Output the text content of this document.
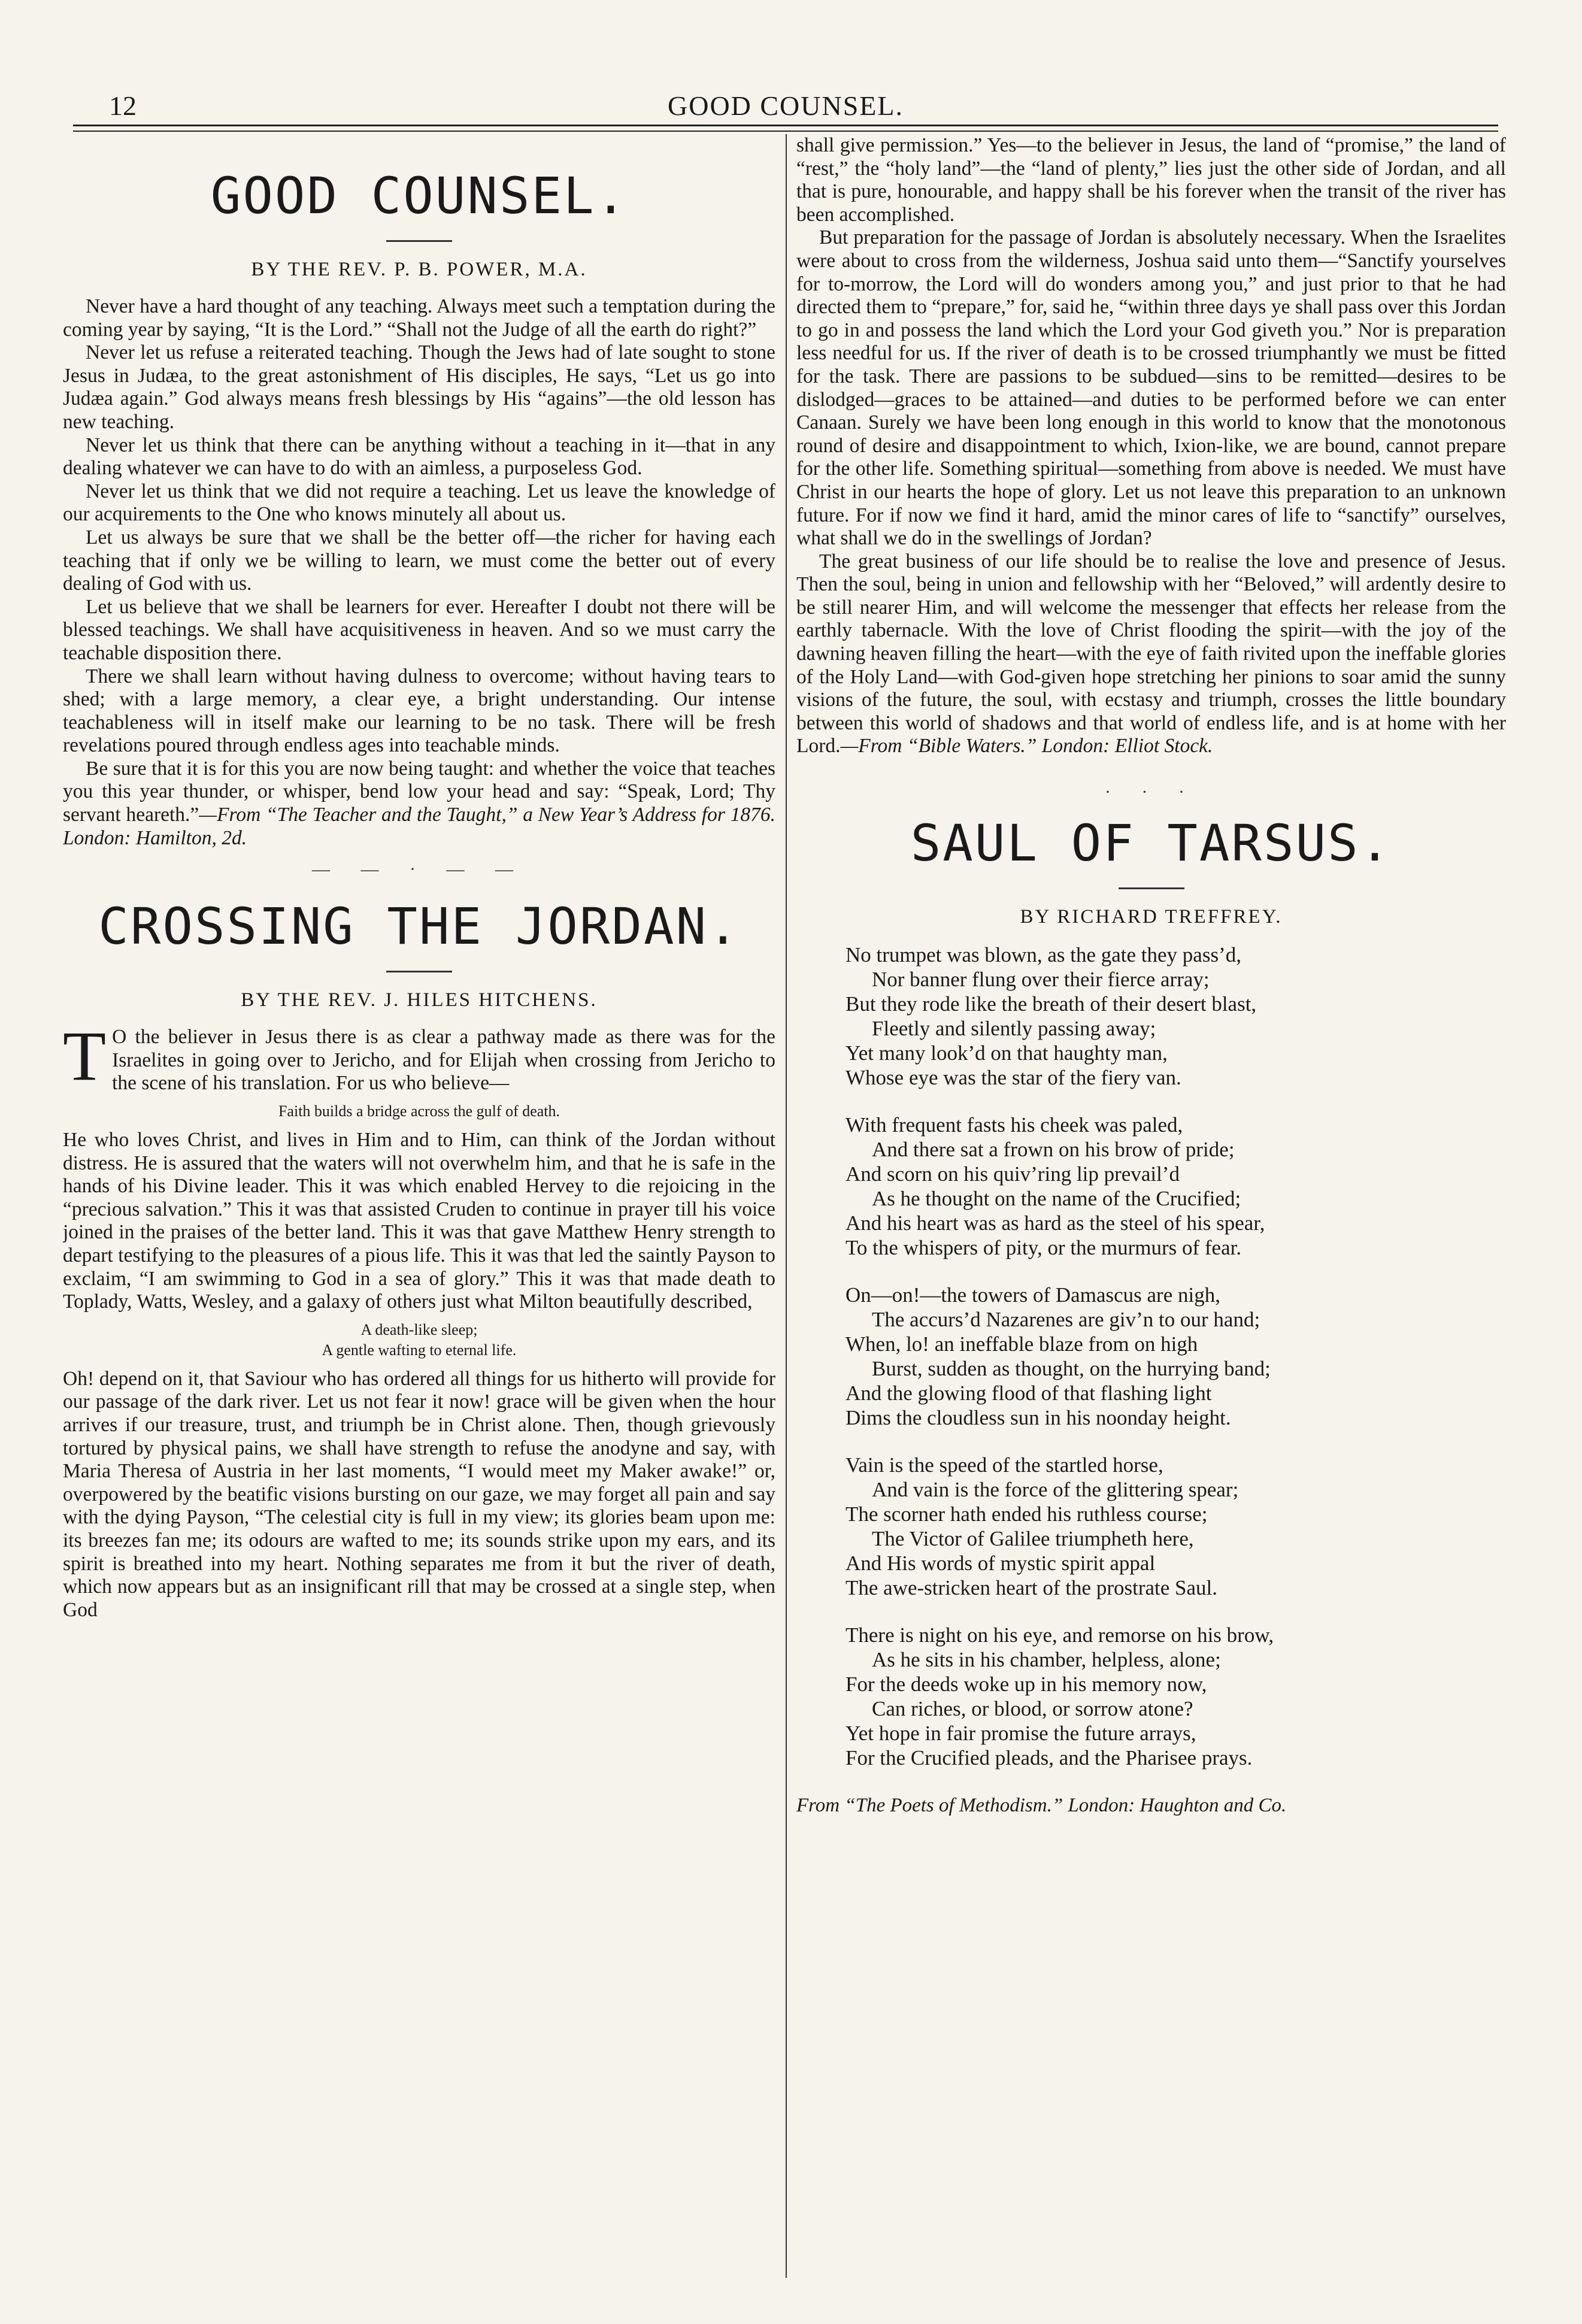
12	GOOD COUNSEL.
GOOD COUNSEL.
BY THE REV. P. B. POWER, M.A.

Never have a hard thought of any teaching. Always meet such a temptation during the coming year by saying, “It is the Lord.” “Shall not the Judge of all the earth do right?”

Never let us refuse a reiterated teaching. Though the Jews had of late sought to stone Jesus in Judæa, to the great astonishment of His disciples, He says, “Let us go into Judæa again.” God always means fresh blessings by His “agains”—the old lesson has new teaching.

Never let us think that there can be anything without a teaching in it—that in any dealing whatever we can have to do with an aimless, a purposeless God.

Never let us think that we did not require a teaching. Let us leave the knowledge of our acquirements to the One who knows minutely all about us.

Let us always be sure that we shall be the better off—the richer for having each teaching that if only we be willing to learn, we must come the better out of every dealing of God with us.

Let us believe that we shall be learners for ever. Hereafter I doubt not there will be blessed teachings. We shall have acquisitiveness in heaven. And so we must carry the teachable disposition there.

There we shall learn without having dulness to overcome; without having tears to shed; with a large memory, a clear eye, a bright understanding. Our intense teachableness will in itself make our learning to be no task. There will be fresh revelations poured through endless ages into teachable minds.

Be sure that it is for this you are now being taught: and whether the voice that teaches you this year thunder, or whisper, bend low your head and say: “Speak, Lord; Thy servant heareth.”—From “The Teacher and the Taught,” a New Year’s Address for 1876. London: Hamilton, 2d.

— — · — —
CROSSING THE JORDAN.
BY THE REV. J. HILES HITCHENS.

T O the believer in Jesus there is as clear a pathway made as there was for the Israelites in going over to Jericho, and for Elijah when crossing from Jericho to the scene of his translation. For us who believe—

Faith builds a bridge across the gulf of death.

He who loves Christ, and lives in Him and to Him, can think of the Jordan without distress. He is assured that the waters will not overwhelm him, and that he is safe in the hands of his Divine leader. This it was which enabled Hervey to die rejoicing in the “precious salvation.” This it was that assisted Cruden to continue in prayer till his voice joined in the praises of the better land. This it was that gave Matthew Henry strength to depart testifying to the pleasures of a pious life. This it was that led the saintly Payson to exclaim, “I am swimming to God in a sea of glory.” This it was that made death to Toplady, Watts, Wesley, and a galaxy of others just what Milton beautifully described,

A death-like sleep;
A gentle wafting to eternal life.

Oh! depend on it, that Saviour who has ordered all things for us hitherto will provide for our passage of the dark river. Let us not fear it now! grace will be given when the hour arrives if our treasure, trust, and triumph be in Christ alone. Then, though grievously tortured by physical pains, we shall have strength to refuse the anodyne and say, with Maria Theresa of Austria in her last moments, “I would meet my Maker awake!” or, overpowered by the beatific visions bursting on our gaze, we may forget all pain and say with the dying Payson, “The celestial city is full in my view; its glories beam upon me: its breezes fan me; its odours are wafted to me; its sounds strike upon my ears, and its spirit is breathed into my heart. Nothing separates me from it but the river of death, which now appears but as an insignificant rill that may be crossed at a single step, when God

shall give permission.” Yes—to the believer in Jesus, the land of “promise,” the land of “rest,” the “holy land”—the “land of plenty,” lies just the other side of Jordan, and all that is pure, honourable, and happy shall be his forever when the transit of the river has been accomplished.

But preparation for the passage of Jordan is absolutely necessary. When the Israelites were about to cross from the wilderness, Joshua said unto them—“Sanctify yourselves for to-morrow, the Lord will do wonders among you,” and just prior to that he had directed them to “prepare,” for, said he, “within three days ye shall pass over this Jordan to go in and possess the land which the Lord your God giveth you.” Nor is preparation less needful for us. If the river of death is to be crossed triumphantly we must be fitted for the task. There are passions to be subdued—sins to be remitted—desires to be dislodged—graces to be attained—and duties to be performed before we can enter Canaan. Surely we have been long enough in this world to know that the monotonous round of desire and disappointment to which, Ixion-like, we are bound, cannot prepare for the other life. Something spiritual—something from above is needed. We must have Christ in our hearts the hope of glory. Let us not leave this preparation to an unknown future. For if now we find it hard, amid the minor cares of life to “sanctify” ourselves, what shall we do in the swellings of Jordan?

The great business of our life should be to realise the love and presence of Jesus. Then the soul, being in union and fellowship with her “Beloved,” will ardently desire to be still nearer Him, and will welcome the messenger that effects her release from the earthly tabernacle. With the love of Christ flooding the spirit—with the joy of the dawning heaven filling the heart—with the eye of faith rivited upon the ineffable glories of the Holy Land—with God-given hope stretching her pinions to soar amid the sunny visions of the future, the soul, with ecstasy and triumph, crosses the little boundary between this world of shadows and that world of endless life, and is at home with her Lord.—From “Bible Waters.” London: Elliot Stock.

· · ·
SAUL OF TARSUS.
BY RICHARD TREFFREY.
No trumpet was blown, as the gate they pass’d,
Nor banner flung over their fierce array;
But they rode like the breath of their desert blast,
Fleetly and silently passing away;
Yet many look’d on that haughty man,
Whose eye was the star of the fiery van.
With frequent fasts his cheek was paled,
And there sat a frown on his brow of pride;
And scorn on his quiv’ring lip prevail’d
As he thought on the name of the Crucified;
And his heart was as hard as the steel of his spear,
To the whispers of pity, or the murmurs of fear.
On—on!—the towers of Damascus are nigh,
The accurs’d Nazarenes are giv’n to our hand;
When, lo! an ineffable blaze from on high
Burst, sudden as thought, on the hurrying band;
And the glowing flood of that flashing light
Dims the cloudless sun in his noonday height.
Vain is the speed of the startled horse,
And vain is the force of the glittering spear;
The scorner hath ended his ruthless course;
The Victor of Galilee triumpheth here,
And His words of mystic spirit appal
The awe-stricken heart of the prostrate Saul.
There is night on his eye, and remorse on his brow,
As he sits in his chamber, helpless, alone;
For the deeds woke up in his memory now,
Can riches, or blood, or sorrow atone?
Yet hope in fair promise the future arrays,
For the Crucified pleads, and the Pharisee prays.
From “The Poets of Methodism.” London: Haughton and Co.
